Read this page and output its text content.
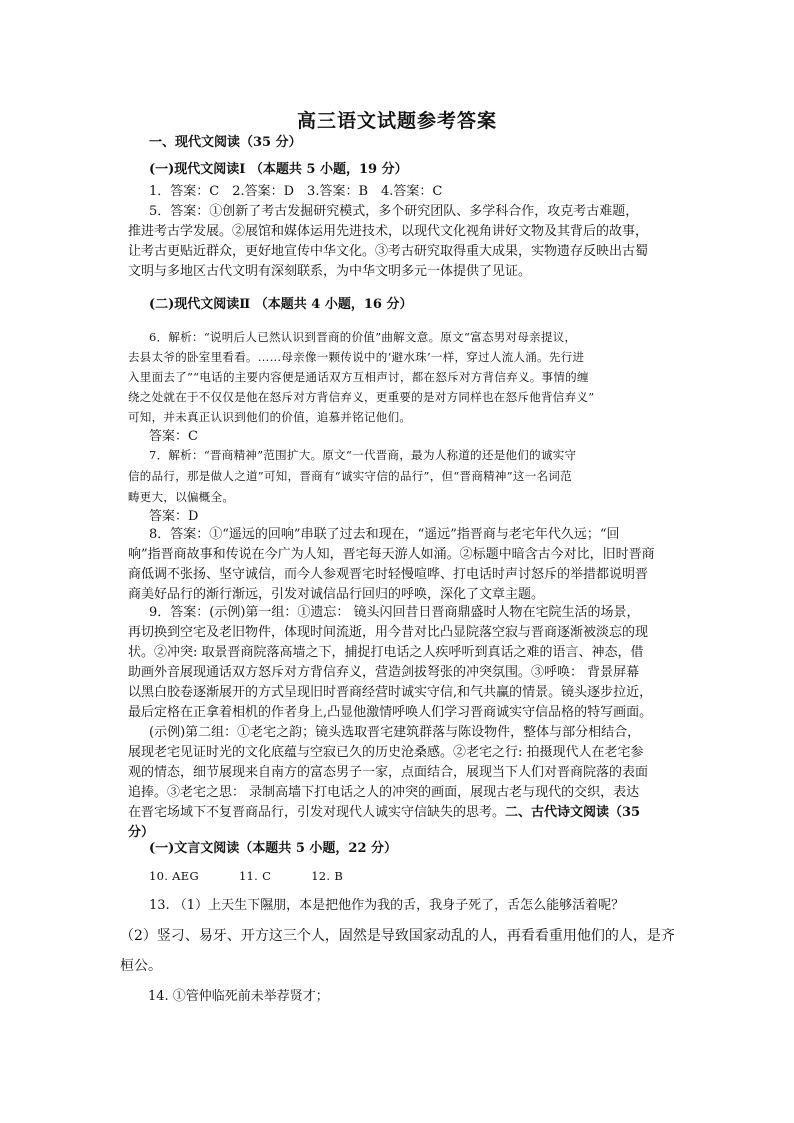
高三语文试题参考答案
一、现代文阅读（35 分）
(一)现代文阅读Ⅰ （本题共 5 小题，19 分）
1．答案：C　2.答案：D　3.答案：B　4.答案：C
5．答案：①创新了考古发掘研究模式，多个研究团队、多学科合作，攻克考古难题，
推进考古学发展。②展馆和媒体运用先进技术，以现代文化视角讲好文物及其背后的故事，
让考古更贴近群众，更好地宣传中华文化。③考古研究取得重大成果，实物遗存反映出古蜀
文明与多地区古代文明有深刻联系，为中华文明多元一体提供了见证。
(二)现代文阅读Ⅱ （本题共 4 小题，16 分）
6．解析：“说明后人已然认识到晋商的价值”曲解文意。原文“富态男对母亲提议，
去县太爷的卧室里看看。……母亲像一颗传说中的‘避水珠’一样，穿过人流人涌。先行进
入里面去了”“电话的主要内容便是通话双方互相声讨，都在怒斥对方背信弃义。事情的缠
绕之处就在于不仅仅是他在怒斥对方背信弃义，更重要的是对方同样也在怒斥他背信弃义”
可知，并未真正认识到他们的价值，追慕并铭记他们。
答案：C
7．解析：“晋商精神”范围扩大。原文“一代晋商，最为人称道的还是他们的诚实守
信的品行，那是做人之道”可知，晋商有“诚实守信的品行”，但“晋商精神”这一名词范
畴更大，以偏概全。
答案：D
8．答案：①“遥远的回响”串联了过去和现在，“遥远”指晋商与老宅年代久远；“回
响”指晋商故事和传说在今广为人知，晋宅每天游人如涌。②标题中暗含古今对比，旧时晋商
商低调不张扬、坚守诚信，而今人参观晋宅时轻慢喧哗、打电话时声讨怒斥的举措都说明晋
商美好品行的渐行渐远，引发对诚信品行回归的呼唤，深化了文章主题。
9．答案：(示例)第一组：①遗忘： 镜头闪回昔日晋商鼎盛时人物在宅院生活的场景，
再切换到空宅及老旧物件，体现时间流逝，用今昔对比凸显院落空寂与晋商逐渐被淡忘的现
状。②冲突: 取景晋商院落高墙之下，捕捉打电话之人疾呼听到真话之难的语言、神态，借
助画外音展现通话双方怒斥对方背信弃义，营造剑拔弩张的冲突氛围。③呼唤： 背景屏幕
以黑白胶卷逐渐展开的方式呈现旧时晋商经营时诚实守信,和气共赢的情景。镜头逐步拉近，
最后定格在正拿着相机的作者身上,凸显他激情呼唤人们学习晋商诚实守信品格的特写画面。
(示例)第二组：①老宅之韵；镜头选取晋宅建筑群落与陈设物件，整体与部分相结合，
展现老宅见证时光的文化底蕴与空寂已久的历史沧桑感。②老宅之行: 拍摄现代人在老宅参
观的情态，细节展现来自南方的富态男子一家，点面结合，展现当下人们对晋商院落的表面
追捧。③老宅之思： 录制高墙下打电话之人的冲突的画面，展现古老与现代的交织，表达
在晋宅场域下不复晋商品行，引发对现代人诚实守信缺失的思考。二、古代诗文阅读（35
分）
(一)文言文阅读（本题共 5 小题，22 分）
10. AEG	11. C	12. B
13. （1）上天生下隰朋，本是把他作为我的舌，我身子死了，舌怎么能够活着呢？
（2）竖刁、易牙、开方这三个人，固然是导致国家动乱的人，再看看重用他们的人，是齐
桓公。
14. ①管仲临死前未举荐贤才；
